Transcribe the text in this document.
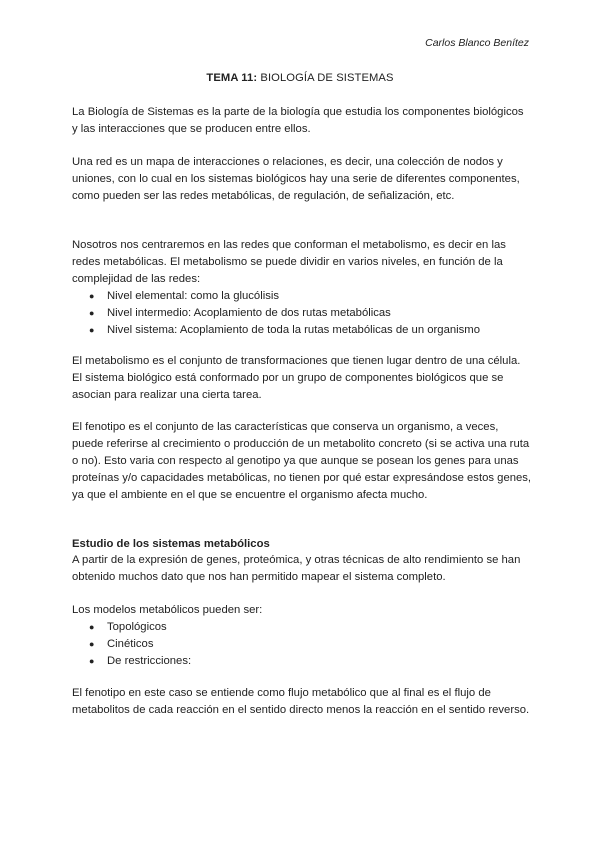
Carlos Blanco Benítez
TEMA 11: BIOLOGÍA DE SISTEMAS

La Biología de Sistemas es la parte de la biología que estudia los componentes biológicos y las interacciones que se producen entre ellos.

Una red es un mapa de interacciones o relaciones, es decir, una colección de nodos y uniones, con lo cual en los sistemas biológicos hay una serie de diferentes componentes, como pueden ser las redes metabólicas, de regulación, de señalización, etc.

Nosotros nos centraremos en las redes que conforman el metabolismo, es decir en las redes metabólicas. El metabolismo se puede dividir en varios niveles, en función de la complejidad de las redes:

● Nivel elemental: como la glucólisis
● Nivel intermedio: Acoplamiento de dos rutas metabólicas
● Nivel sistema: Acoplamiento de toda la rutas metabólicas de un organismo

El metabolismo es el conjunto de transformaciones que tienen lugar dentro de una célula. El sistema biológico está conformado por un grupo de componentes biológicos que se asocian para realizar una cierta tarea.

El fenotipo es el conjunto de las características que conserva un organismo, a veces, puede referirse al crecimiento o producción de un metabolito concreto (si se activa una ruta o no). Esto varia con respecto al genotipo ya que aunque se posean los genes para unas proteínas y/o capacidades metabólicas, no tienen por qué estar expresándose estos genes, ya que el ambiente en el que se encuentre el organismo afecta mucho.

Estudio de los sistemas metabólicos

A partir de la expresión de genes, proteómica, y otras técnicas de alto rendimiento se han obtenido muchos dato que nos han permitido mapear el sistema completo.

Los modelos metabólicos pueden ser:

● Topológicos
● Cinéticos
● De restricciones:

El fenotipo en este caso se entiende como flujo metabólico que al final es el flujo de metabolitos de cada reacción en el sentido directo menos la reacción en el sentido reverso.
